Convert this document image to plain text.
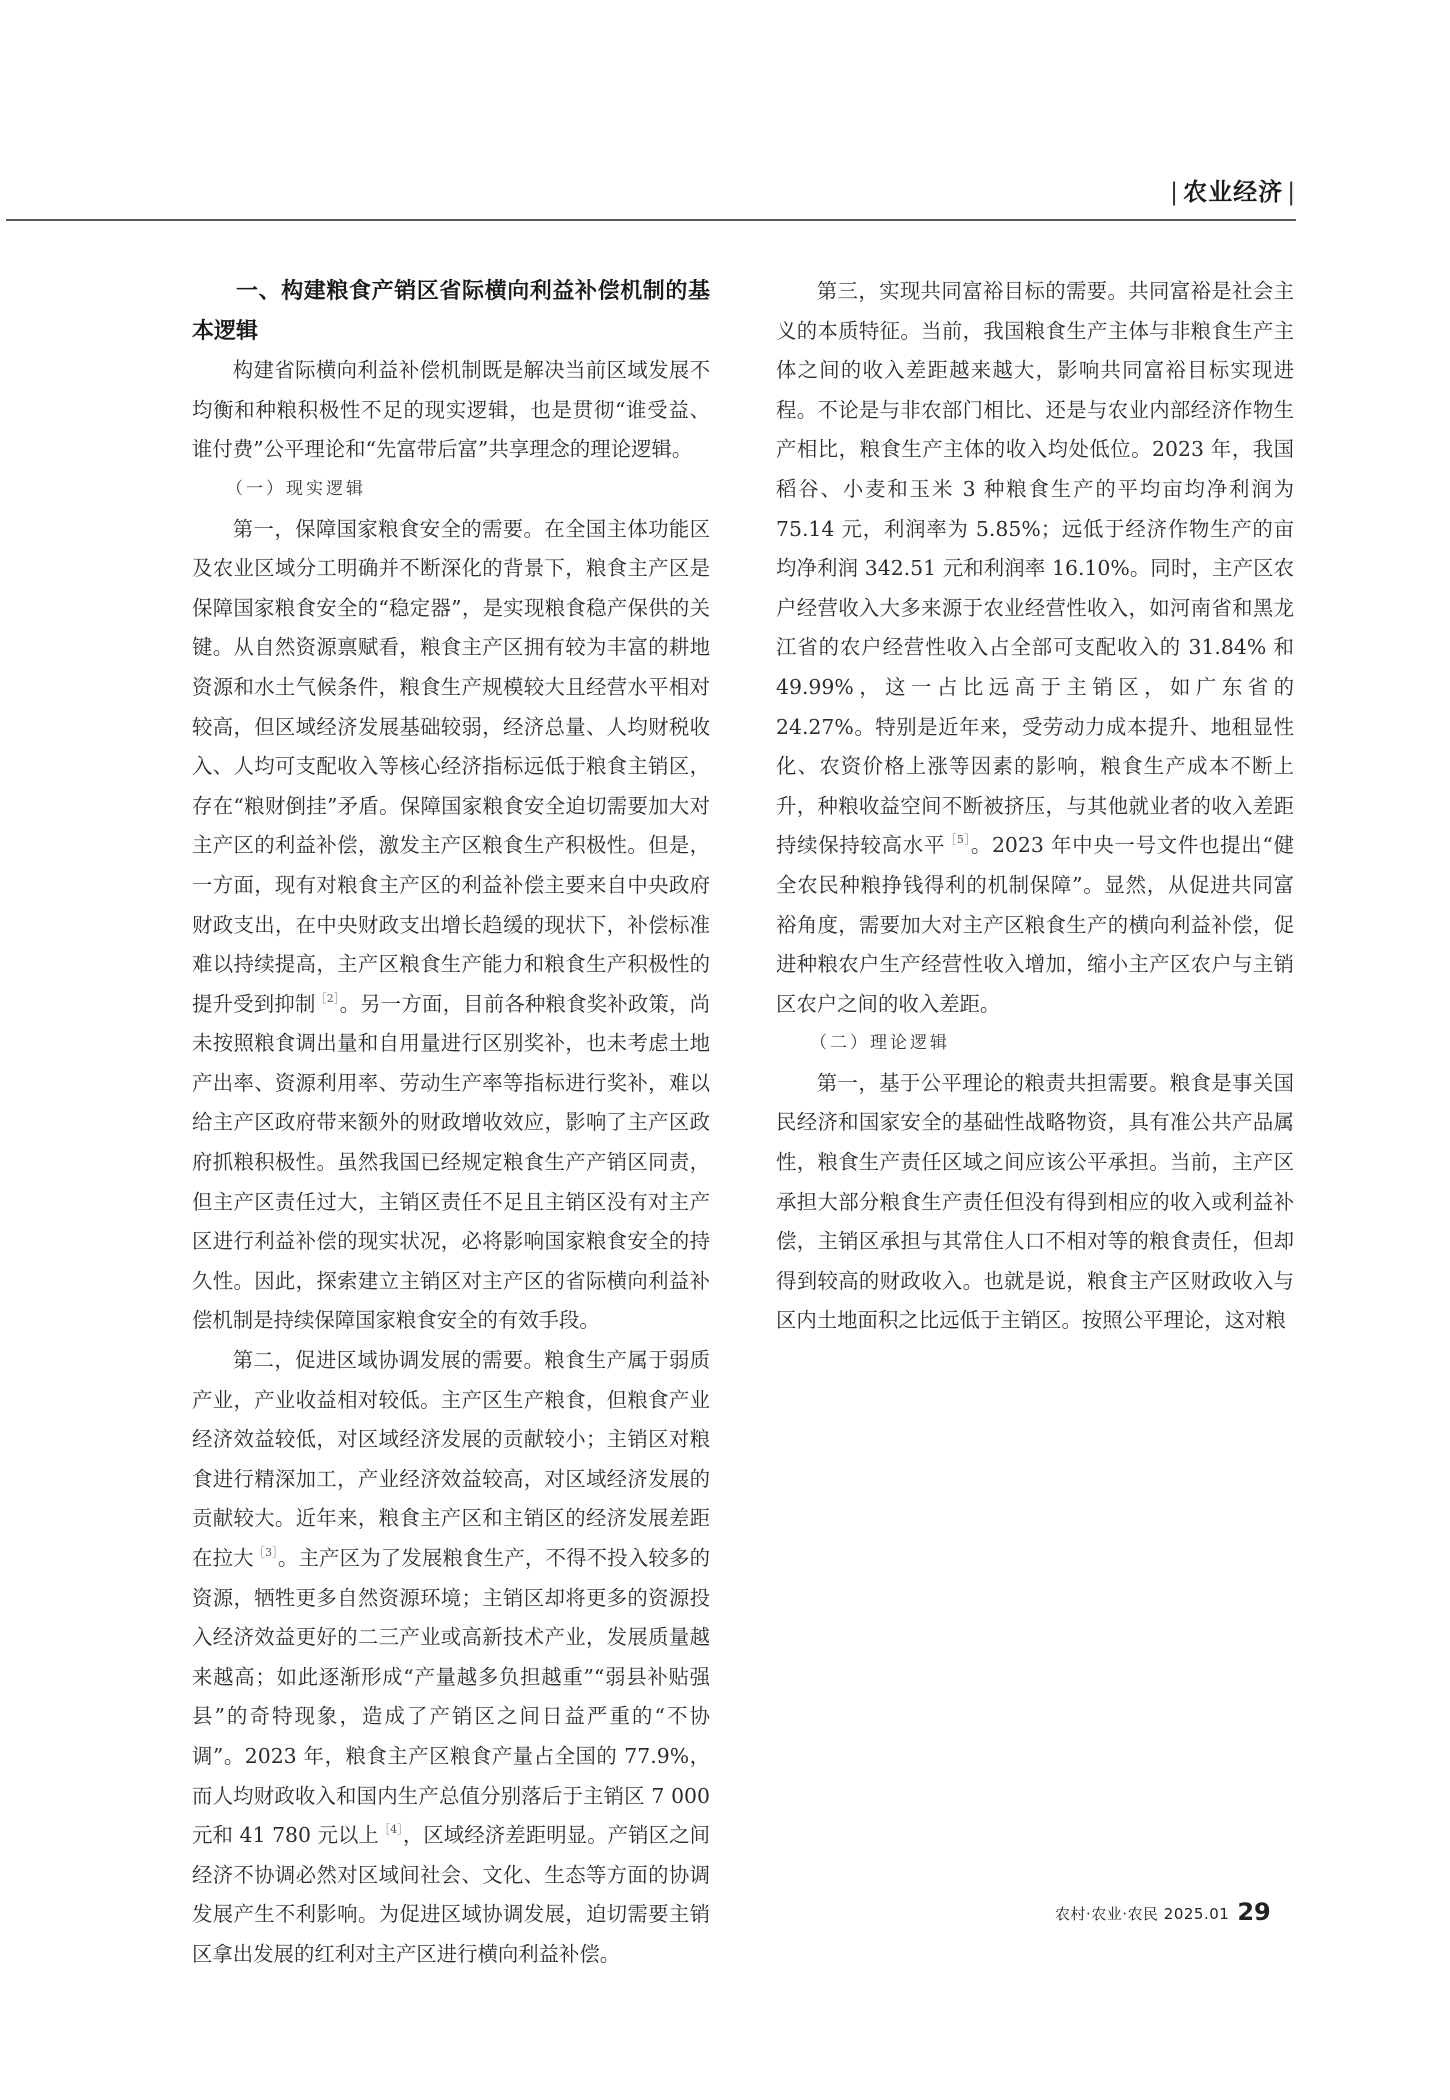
| 农业经济 |
一、构建粮食产销区省际横向利益补偿机制的基本逻辑

构建省际横向利益补偿机制既是解决当前区域发展不均衡和种粮积极性不足的现实逻辑，也是贯彻“谁受益、谁付费”公平理论和“先富带后富”共享理念的理论逻辑。

（一）现实逻辑

第一，保障国家粮食安全的需要。在全国主体功能区及农业区域分工明确并不断深化的背景下，粮食主产区是保障国家粮食安全的“稳定器”，是实现粮食稳产保供的关键。从自然资源禀赋看，粮食主产区拥有较为丰富的耕地资源和水土气候条件，粮食生产规模较大且经营水平相对较高，但区域经济发展基础较弱，经济总量、人均财税收入、人均可支配收入等核心经济指标远低于粮食主销区，存在“粮财倒挂”矛盾。保障国家粮食安全迫切需要加大对主产区的利益补偿，激发主产区粮食生产积极性。但是，一方面，现有对粮食主产区的利益补偿主要来自中央政府财政支出，在中央财政支出增长趋缓的现状下，补偿标准难以持续提高，主产区粮食生产能力和粮食生产积极性的提升受到抑制$^{[2]}$。另一方面，目前各种粮食奖补政策，尚未按照粮食调出量和自用量进行区别奖补，也未考虑土地产出率、资源利用率、劳动生产率等指标进行奖补，难以给主产区政府带来额外的财政增收效应，影响了主产区政府抓粮积极性。虽然我国已经规定粮食生产产销区同责，但主产区责任过大，主销区责任不足且主销区没有对主产区进行利益补偿的现实状况，必将影响国家粮食安全的持久性。因此，探索建立主销区对主产区的省际横向利益补偿机制是持续保障国家粮食安全的有效手段。

第二，促进区域协调发展的需要。粮食生产属于弱质产业，产业收益相对较低。主产区生产粮食，但粮食产业经济效益较低，对区域经济发展的贡献较小；主销区对粮食进行精深加工，产业经济效益较高，对区域经济发展的贡献较大。近年来，粮食主产区和主销区的经济发展差距在拉大$^{[3]}$。主产区为了发展粮食生产，不得不投入较多的资源，牺牲更多自然资源环境；主销区却将更多的资源投入经济效益更好的二三产业或高新技术产业，发展质量越来越高；如此逐渐形成“产量越多负担越重”“弱县补贴强县”的奇特现象，造成了产销区之间日益严重的“不协调”。2023 年，粮食主产区粮食产量占全国的 77.9%，而人均财政收入和国内生产总值分别落后于主销区 7 000 元和 41 780 元以上$^{[4]}$，区域经济差距明显。产销区之间经济不协调必然对区域间社会、文化、生态等方面的协调发展产生不利影响。为促进区域协调发展，迫切需要主销区拿出发展的红利对主产区进行横向利益补偿。

第三，实现共同富裕目标的需要。共同富裕是社会主义的本质特征。当前，我国粮食生产主体与非粮食生产主体之间的收入差距越来越大，影响共同富裕目标实现进程。不论是与非农部门相比、还是与农业内部经济作物生产相比，粮食生产主体的收入均处低位。2023 年，我国稻谷、小麦和玉米 3 种粮食生产的平均亩均净利润为 75.14 元，利润率为 5.85%；远低于经济作物生产的亩均净利润 342.51 元和利润率 16.10%。同时，主产区农户经营收入大多来源于农业经营性收入，如河南省和黑龙江省的农户经营性收入占全部可支配收入的 31.84% 和 49.99%，这一占比远高于主销区，如广东省的 24.27%。特别是近年来，受劳动力成本提升、地租显性化、农资价格上涨等因素的影响，粮食生产成本不断上升，种粮收益空间不断被挤压，与其他就业者的收入差距持续保持较高水平$^{[5]}$。2023 年中央一号文件也提出“健全农民种粮挣钱得利的机制保障”。显然，从促进共同富裕角度，需要加大对主产区粮食生产的横向利益补偿，促进种粮农户生产经营性收入增加，缩小主产区农户与主销区农户之间的收入差距。

（二）理论逻辑

第一，基于公平理论的粮责共担需要。粮食是事关国民经济和国家安全的基础性战略物资，具有准公共产品属性，粮食生产责任区域之间应该公平承担。当前，主产区承担大部分粮食生产责任但没有得到相应的收入或利益补偿，主销区承担与其常住人口不相对等的粮食责任，但却得到较高的财政收入。也就是说，粮食主产区财政收入与区内土地面积之比远低于主销区。按照公平理论，这对粮

农村·农业·农民 2025.01 29
